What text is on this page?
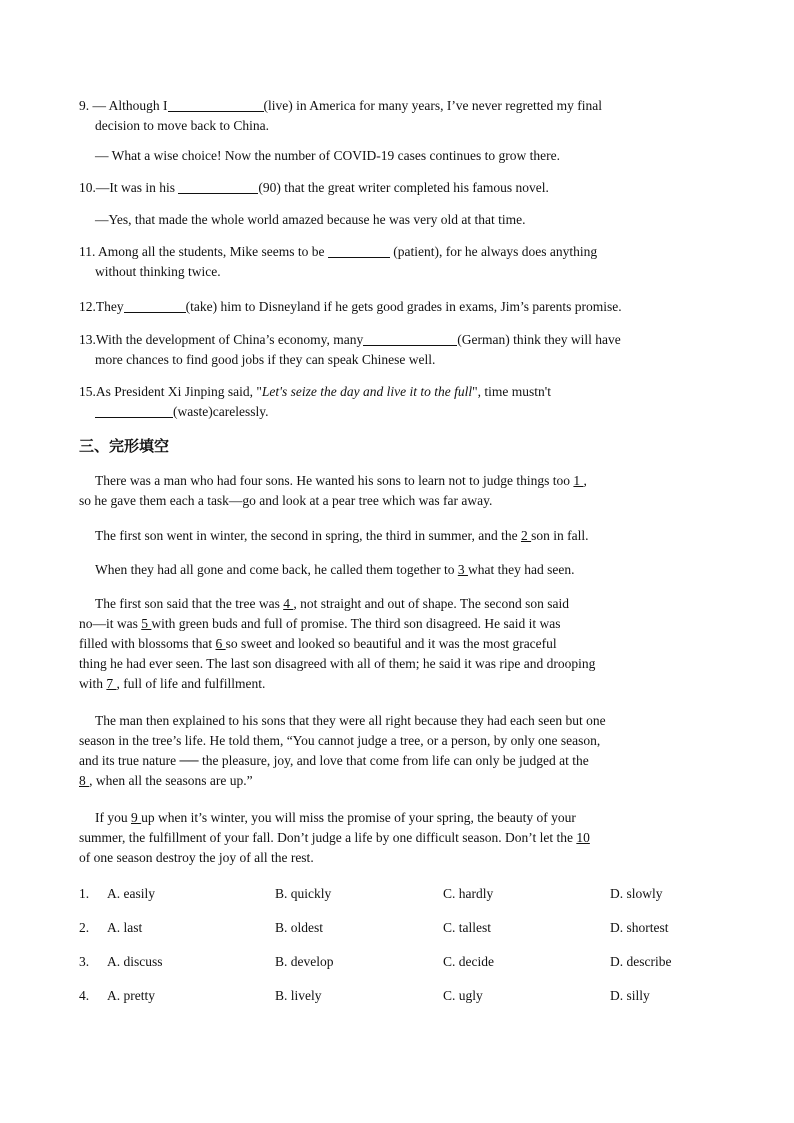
9. — Although I	(live) in America for many years, I’ve never regretted my final
decision to move back to China.
— What a wise choice! Now the number of COVID-19 cases continues to grow there.
10.—It was in his	(90) that the great writer completed his famous novel.
—Yes, that made the whole world amazed because he was very old at that time.
11. Among all the students, Mike seems to be	(patient), for he always does anything
without thinking twice.
12.They	(take) him to Disneyland if he gets good grades in exams, Jim’s parents promise.
13.With the development of China’s economy, many	(German) think they will have
more chances to find good jobs if they can speak Chinese well.
15.As President Xi Jinping said, "Let's seize the day and live it to the full", time mustn't
(waste)carelessly.
三、完形填空
There was a man who had four sons. He wanted his sons to learn not to judge things too 1 ,
so he gave them each a task—go and look at a pear tree which was far away.
The first son went in winter, the second in spring, the third in summer, and the 2 son in fall.
When they had all gone and come back, he called them together to 3 what they had seen.
The first son said that the tree was 4 , not straight and out of shape. The second son said
no—it was 5 with green buds and full of promise. The third son disagreed. He said it was
filled with blossoms that 6 so sweet and looked so beautiful and it was the most graceful
thing he had ever seen. The last son disagreed with all of them; he said it was ripe and drooping
with 7 , full of life and fulfillment.
The man then explained to his sons that they were all right because they had each seen but one
season in the tree’s life. He told them, “You cannot judge a tree, or a person, by only one season,
and its true nature ── the pleasure, joy, and love that come from life can only be judged at the
8 , when all the seasons are up.”
If you 9 up when it’s winter, you will miss the promise of your spring, the beauty of your
summer, the fulfillment of your fall. Don’t judge a life by one difficult season. Don’t let the 10
of one season destroy the joy of all the rest.
1. A. easily	B. quickly	C. hardly	D. slowly
2. A. last	B. oldest	C. tallest	D. shortest
3. A. discuss	B. develop	C. decide	D. describe
4. A. pretty	B. lively	C. ugly	D. silly
